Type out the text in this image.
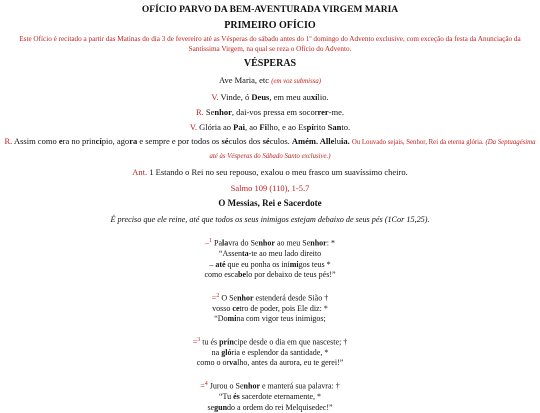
OFÍCIO PARVO DA BEM-AVENTURADA VIRGEM MARIA
PRIMEIRO OFÍCIO
Este Ofício é recitado a partir das Matinas do dia 3 de fevereiro até as Vésperas do sábado antes do 1º domingo do Advento exclusive, com exceção da festa da Anunciação da Santíssima Virgem, na qual se reza o Ofício do Advento.
VÉSPERAS
Ave Maria, etc (em voz submissa)
V. Vinde, ó Deus, em meu auxílio.
R. Senhor, dai-vos pressa em socorrer-me.
V. Glória ao Pai, ao Filho, e ao Espírito Santo.
R. Assim como era no princípio, agora e sempre e por todos os séculos dos séculos. Amém. Alleluia. Ou Louvado sejais, Senhor, Rei da eterna glória. (Da Septuagésima até às Vésperas do Sábado Santo exclusive.)
Ant. 1 Estando o Rei no seu repouso, exalou o meu frasco um suavíssimo cheiro.
Salmo 109 (110), 1-5.7
O Messias, Rei e Sacerdote
É preciso que ele reine, até que todos os seus inimigos estejam debaixo de seus pés (1Cor 15,25).
–$^1$ Palavra do Senhor ao meu Senhor: *
“Assenta-te ao meu lado direito
– até que eu ponha os inimigos teus *
como escabelo por debaixo de teus pés!”
=$^2$ O Senhor estenderá desde Sião †
vosso cetro de poder, pois Ele diz: *
“Domina com vigor teus inimigos;
=$^3$ tu és príncipe desde o dia em que nasceste; †
na glória e esplendor da santidade, *
como o orvalho, antes da aurora, eu te gerei!”
=$^4$ Jurou o Senhor e manterá sua palavra: †
“Tu és sacerdote eternamente, *
segundo a ordem do rei Melquisedec!”
